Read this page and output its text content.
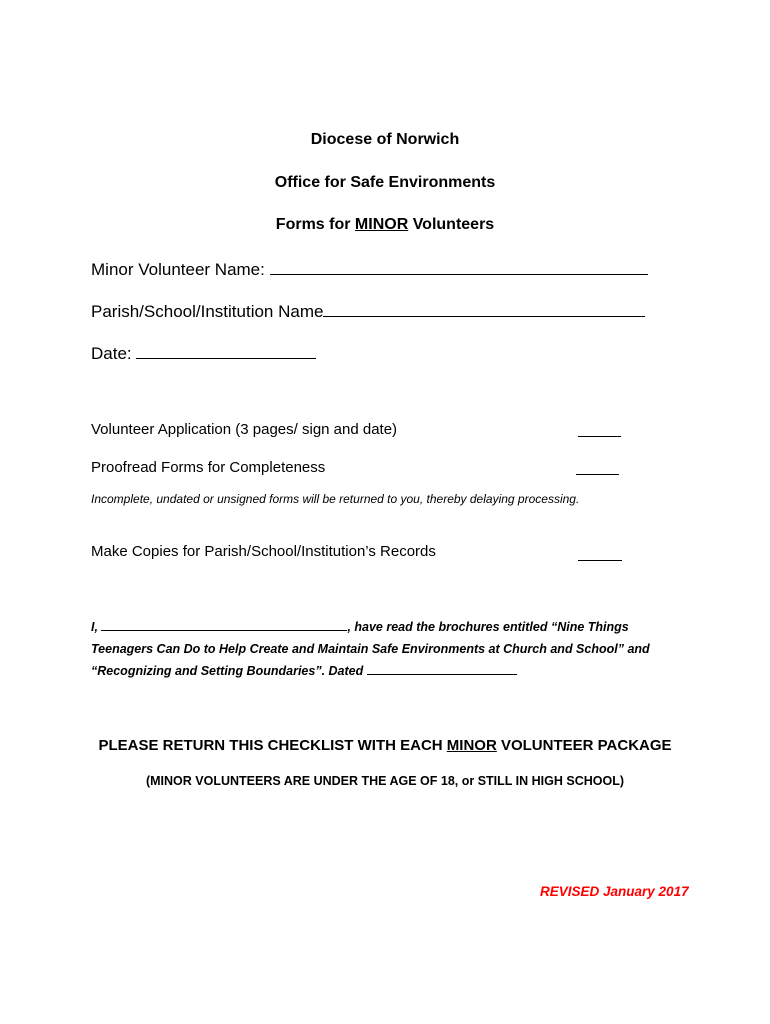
Diocese of Norwich
Office for Safe Environments
Forms for MINOR Volunteers
Minor Volunteer Name:
Parish/School/Institution Name
Date:
Volunteer Application (3 pages/ sign and date)
Proofread Forms for Completeness
Incomplete, undated or unsigned forms will be returned to you, thereby delaying processing.
Make Copies for Parish/School/Institution’s Records
I,	, have read the brochures entitled “Nine Things
Teenagers Can Do to Help Create and Maintain Safe Environments at Church and School” and
“Recognizing and Setting Boundaries”. Dated
PLEASE RETURN THIS CHECKLIST WITH EACH MINOR VOLUNTEER PACKAGE
(MINOR VOLUNTEERS ARE UNDER THE AGE OF 18, or STILL IN HIGH SCHOOL)
REVISED January 2017
